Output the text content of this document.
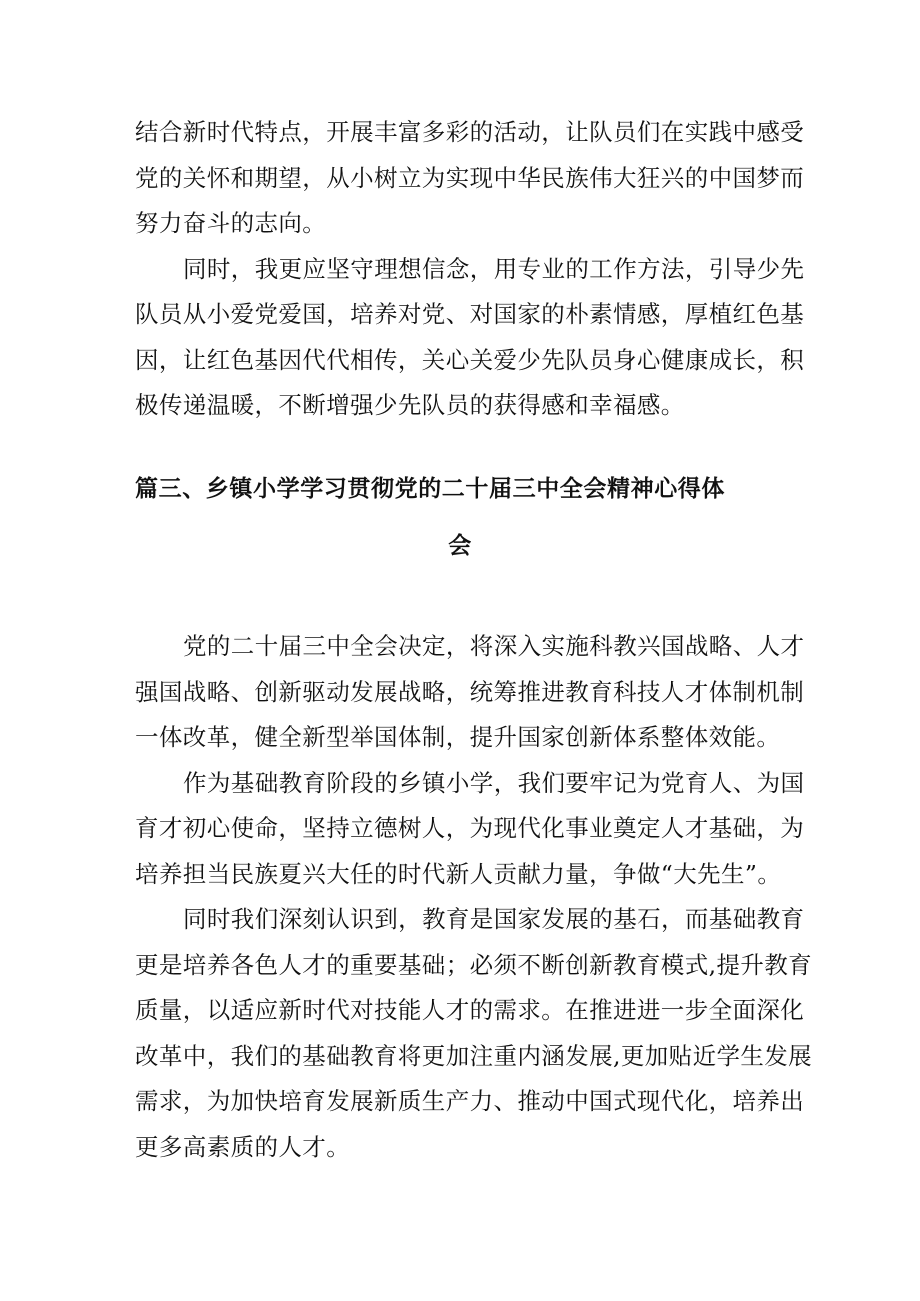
结合新时代特点，开展丰富多彩的活动，让队员们在实践中感受
党的关怀和期望，从小树立为实现中华民族伟大狂兴的中国梦而
努力奋斗的志向。
同时，我更应坚守理想信念，用专业的工作方法，引导少先
队员从小爱党爱国，培养对党、对国家的朴素情感，厚植红色基
因，让红色基因代代相传，关心关爱少先队员身心健康成长，积
极传递温暖，不断增强少先队员的获得感和幸福感。
篇三、乡镇小学学习贯彻党的二十届三中全会精神心得体
会
党的二十届三中全会决定，将深入实施科教兴国战略、人才
强国战略、创新驱动发展战略，统筹推进教育科技人才体制机制
一体改革，健全新型举国体制，提升国家创新体系整体效能。
作为基础教育阶段的乡镇小学，我们要牢记为党育人、为国
育才初心使命，坚持立德树人，为现代化事业奠定人才基础，为
培养担当民族夏兴大任的时代新人贡献力量，争做“大先生”。
同时我们深刻认识到，教育是国家发展的基石，而基础教育
更是培养各色人才的重要基础；必须不断创新教育模式,提升教育
质量，以适应新时代对技能人才的需求。在推进进一步全面深化
改革中，我们的基础教育将更加注重内涵发展,更加贴近学生发展
需求，为加快培育发展新质生产力、推动中国式现代化，培养出
更多高素质的人才。
